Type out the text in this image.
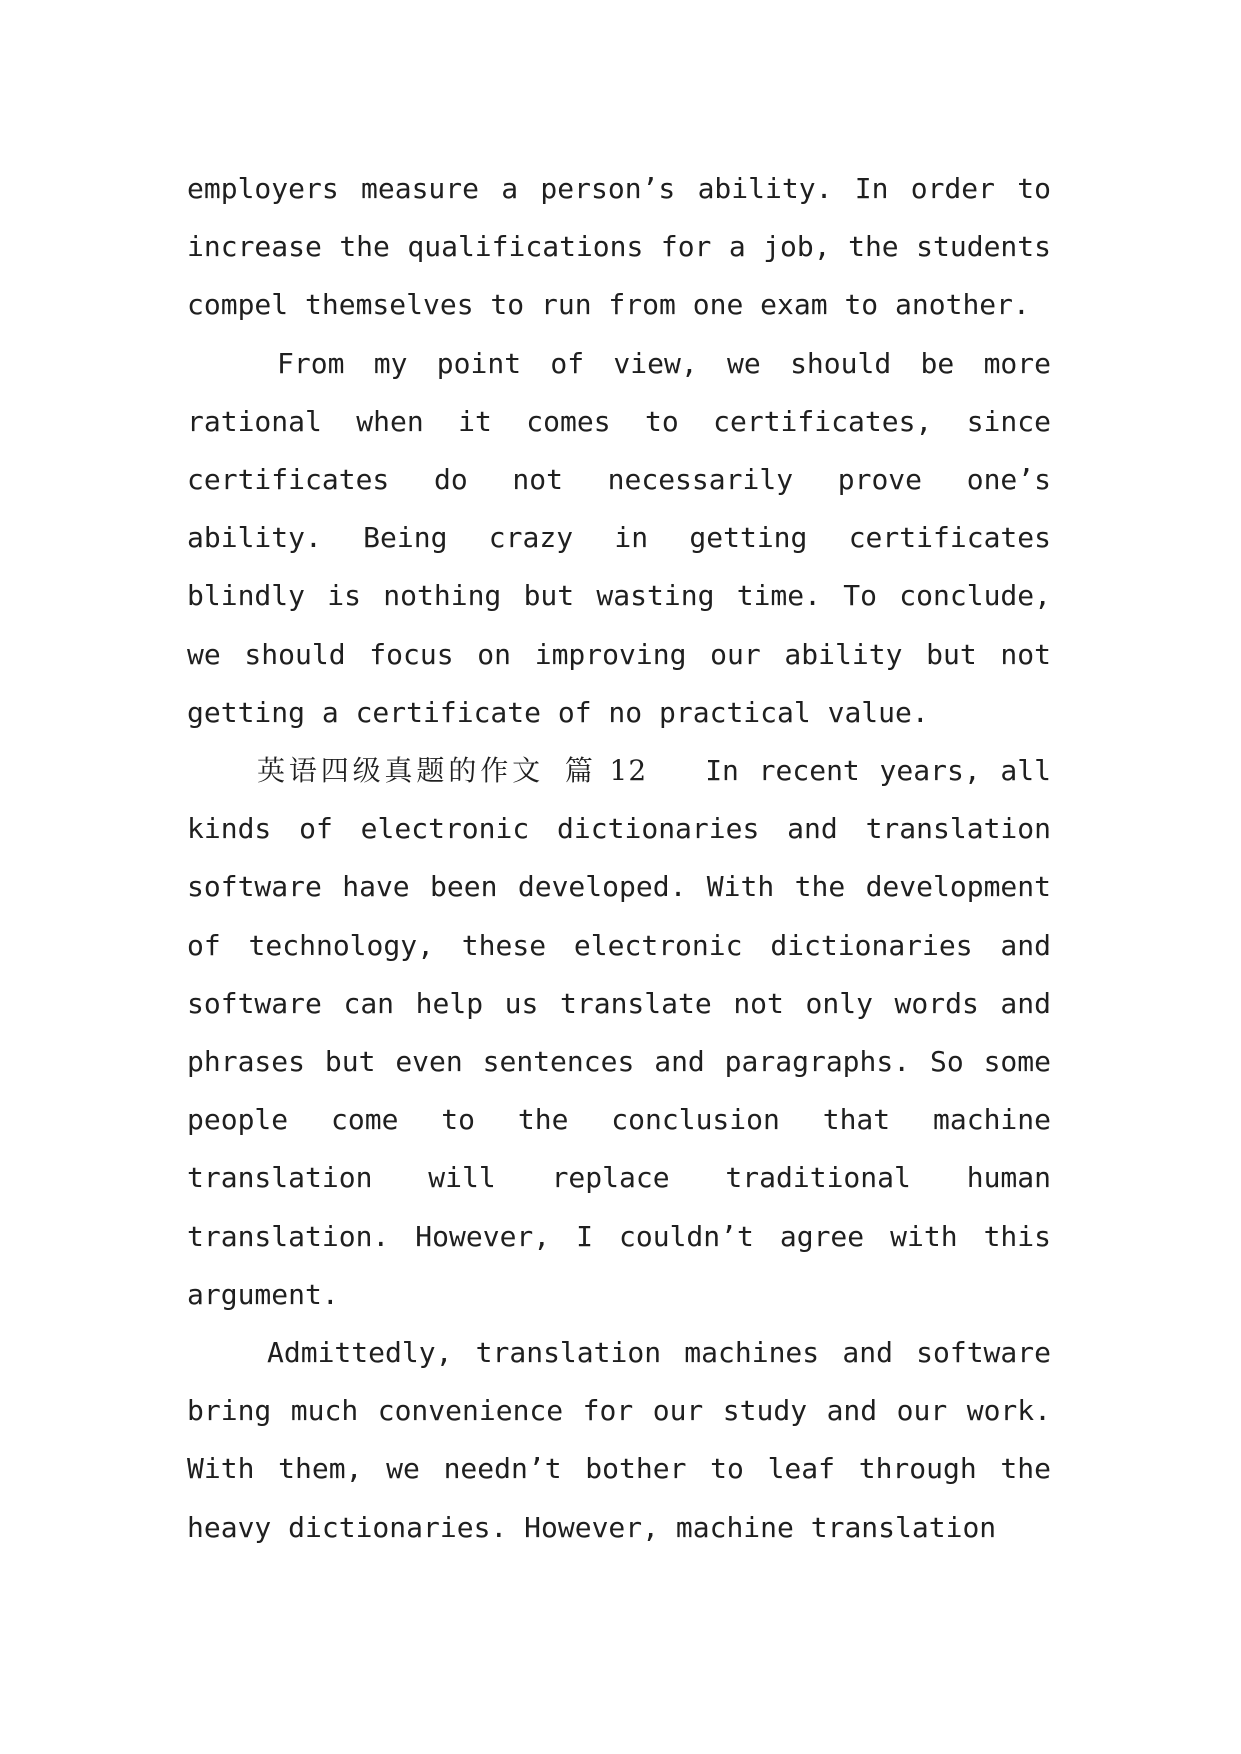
employers measure a person’s ability. In order to increase the qualifications for a job, the students compel themselves to run from one exam to another.

From my point of view, we should be more rational when it comes to certificates, since certificates do not necessarily prove one’s ability. Being crazy in getting certificates blindly is nothing but wasting time. To conclude, we should focus on improving our ability but not getting a certificate of no practical value.

英语四级真题的作文 篇 12 In recent years, all kinds of electronic dictionaries and translation software have been developed. With the development of technology, these electronic dictionaries and software can help us translate not only words and phrases but even sentences and paragraphs. So some people come to the conclusion that machine translation will replace traditional human translation. However, I couldn’t agree with this argument.

Admittedly, translation machines and software bring much convenience for our study and our work. With them, we needn’t bother to leaf through the heavy dictionaries. However, machine translation
